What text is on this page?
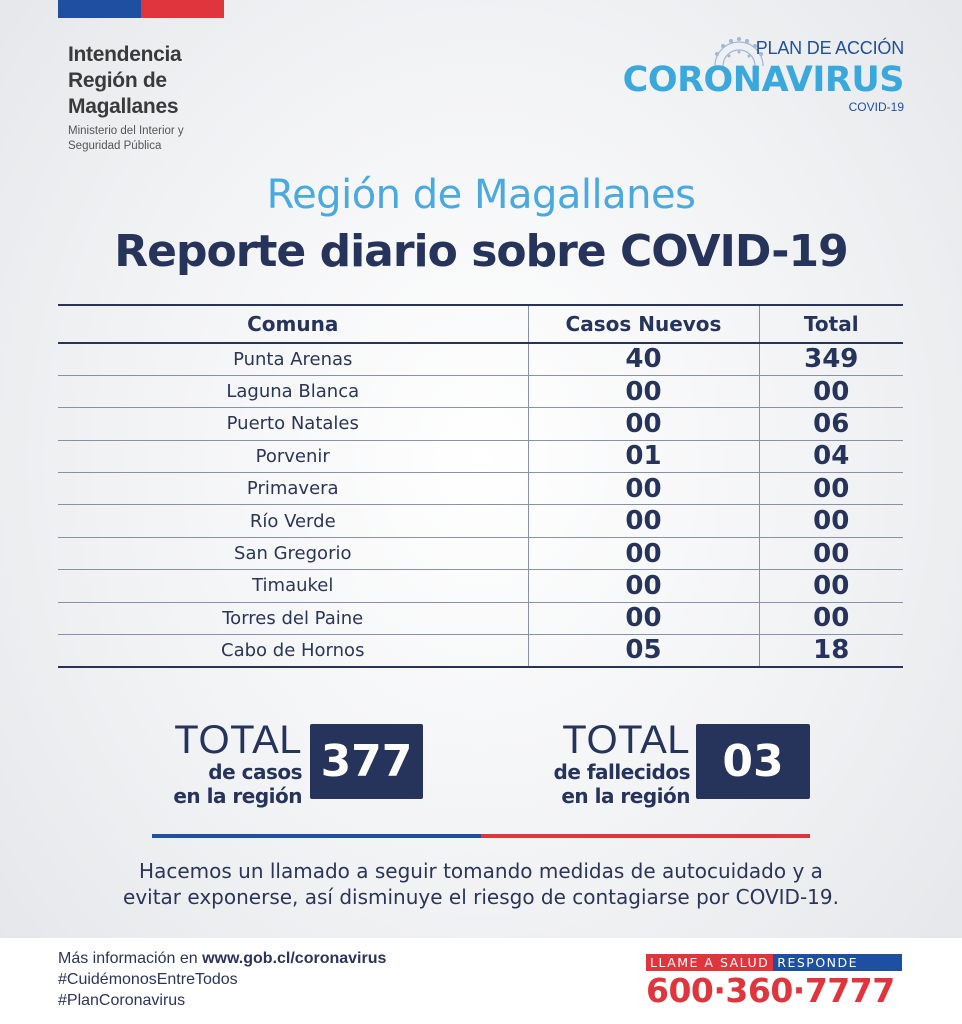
Intendencia
Región de
Magallanes
Ministerio del Interior y
Seguridad Pública
PLAN DE ACCIÓN
CORONAVIRUS
COVID-19
Región de Magallanes
Reporte diario sobre COVID-19
Comuna	Casos Nuevos	Total
Punta Arenas	40	349
Laguna Blanca	00	00
Puerto Natales	00	06
Porvenir	01	04
Primavera	00	00
Río Verde	00	00
San Gregorio	00	00
Timaukel	00	00
Torres del Paine	00	00
Cabo de Hornos	05	18
TOTAL
de casos
en la región
377	TOTAL
de fallecidos
en la región
03
Hacemos un llamado a seguir tomando medidas de autocuidado y a
evitar exponerse, así disminuye el riesgo de contagiarse por COVID-19.
Más información en www.gob.cl/coronavirus
#CuidémonosEntreTodos
#PlanCoronavirus
LLAME A SALUD RESPONDE
600·360·7777
